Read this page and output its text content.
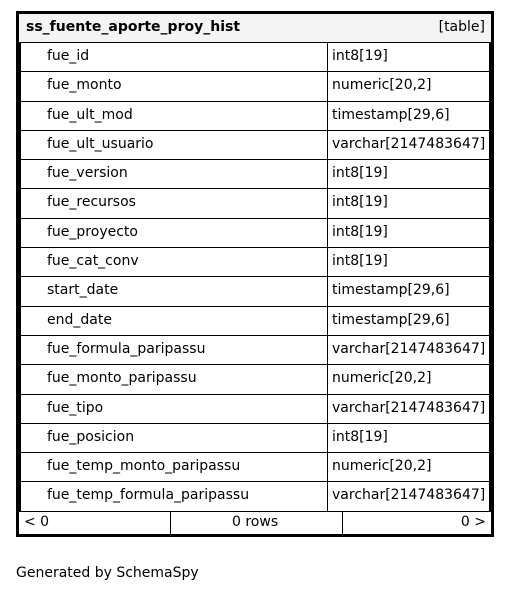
ss_fuente_aporte_proy_hist	[table]
fue_id	int8[19]
fue_monto	numeric[20,2]
fue_ult_mod	timestamp[29,6]
fue_ult_usuario	varchar[2147483647]
fue_version	int8[19]
fue_recursos	int8[19]
fue_proyecto	int8[19]
fue_cat_conv	int8[19]
start_date	timestamp[29,6]
end_date	timestamp[29,6]
fue_formula_paripassu	varchar[2147483647]
fue_monto_paripassu	numeric[20,2]
fue_tipo	varchar[2147483647]
fue_posicion	int8[19]
fue_temp_monto_paripassu	numeric[20,2]
fue_temp_formula_paripassu	varchar[2147483647]
< 0	0 rows	0 >
Generated by SchemaSpy
